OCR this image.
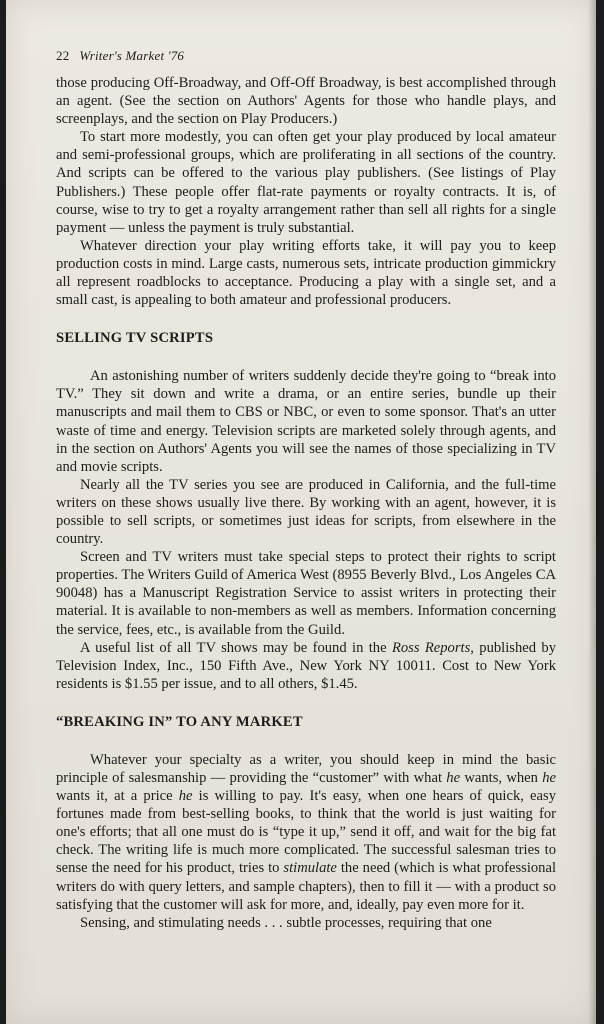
22 Writer's Market '76

those producing Off-Broadway, and Off-Off Broadway, is best accomplished through an agent. (See the section on Authors' Agents for those who handle plays, and screenplays, and the section on Play Producers.)

To start more modestly, you can often get your play produced by local amateur and semi-professional groups, which are proliferating in all sections of the country. And scripts can be offered to the various play publishers. (See listings of Play Publishers.) These people offer flat-rate payments or royalty contracts. It is, of course, wise to try to get a royalty arrangement rather than sell all rights for a single payment — unless the payment is truly substantial.

Whatever direction your play writing efforts take, it will pay you to keep production costs in mind. Large casts, numerous sets, intricate production gimmickry all represent roadblocks to acceptance. Producing a play with a single set, and a small cast, is appealing to both amateur and professional producers.

SELLING TV SCRIPTS

An astonishing number of writers suddenly decide they're going to “break into TV.” They sit down and write a drama, or an entire series, bundle up their manuscripts and mail them to CBS or NBC, or even to some sponsor. That's an utter waste of time and energy. Television scripts are marketed solely through agents, and in the section on Authors' Agents you will see the names of those specializing in TV and movie scripts.

Nearly all the TV series you see are produced in California, and the full-time writers on these shows usually live there. By working with an agent, however, it is possible to sell scripts, or sometimes just ideas for scripts, from elsewhere in the country.

Screen and TV writers must take special steps to protect their rights to script properties. The Writers Guild of America West (8955 Beverly Blvd., Los Angeles CA 90048) has a Manuscript Registration Service to assist writers in protecting their material. It is available to non-members as well as members. Information concerning the service, fees, etc., is available from the Guild.

A useful list of all TV shows may be found in the Ross Reports, published by Television Index, Inc., 150 Fifth Ave., New York NY 10011. Cost to New York residents is $1.55 per issue, and to all others, $1.45.

“BREAKING IN” TO ANY MARKET

Whatever your specialty as a writer, you should keep in mind the basic principle of salesmanship — providing the “customer” with what he wants, when he wants it, at a price he is willing to pay. It's easy, when one hears of quick, easy fortunes made from best-selling books, to think that the world is just waiting for one's efforts; that all one must do is “type it up,” send it off, and wait for the big fat check. The writing life is much more complicated. The successful salesman tries to sense the need for his product, tries to stimulate the need (which is what professional writers do with query letters, and sample chapters), then to fill it — with a product so satisfying that the customer will ask for more, and, ideally, pay even more for it.

Sensing, and stimulating needs . . . subtle processes, requiring that one
